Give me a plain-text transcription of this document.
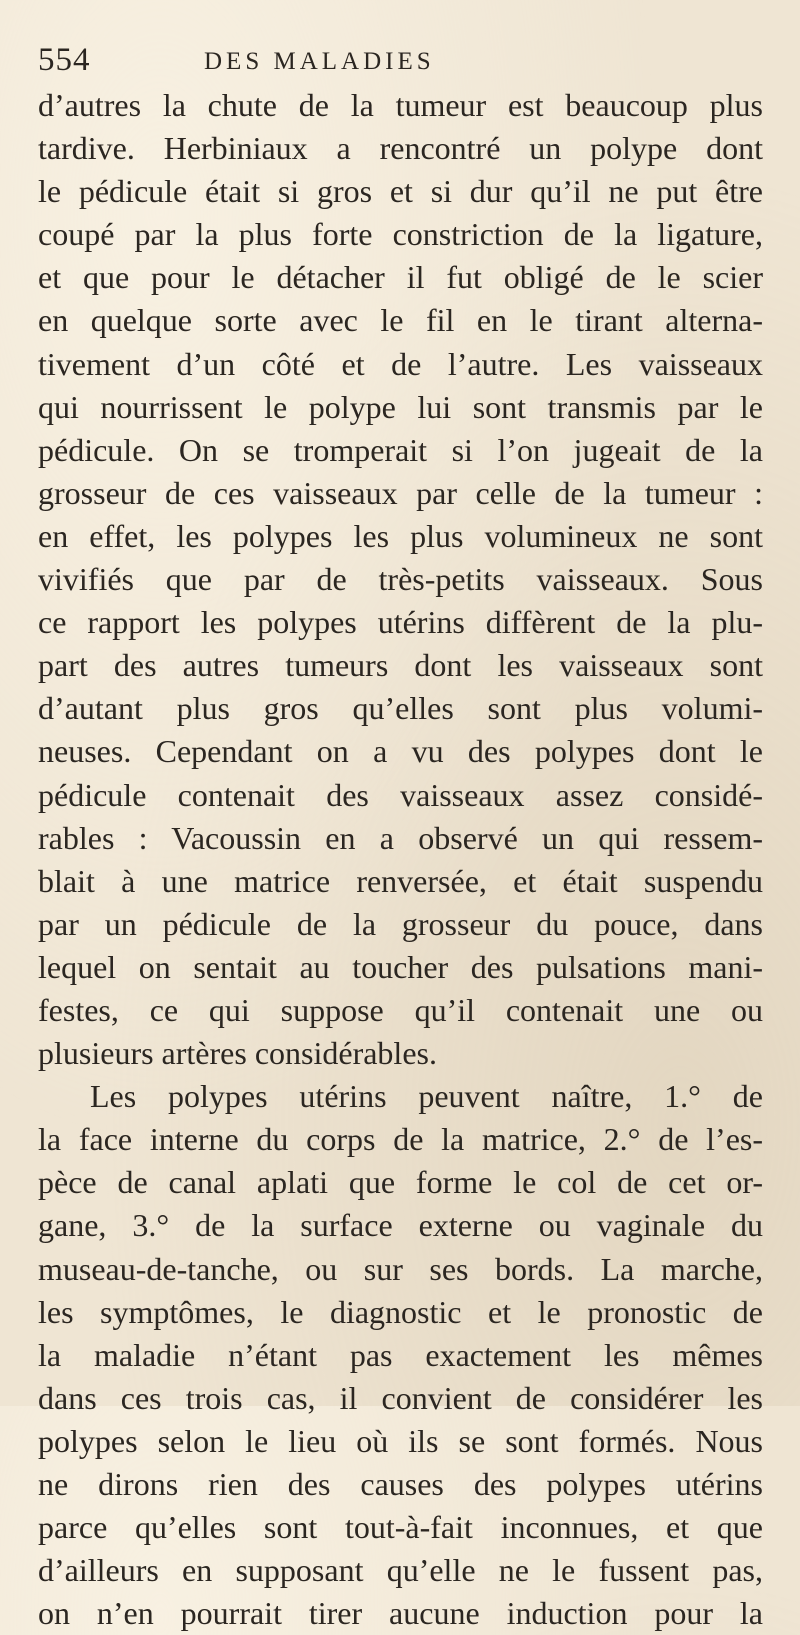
554	DES MALADIES
d’autres la chute de la tumeur est beaucoup plus
tardive. Herbiniaux a rencontré un polype dont
le pédicule était si gros et si dur qu’il ne put être
coupé par la plus forte constriction de la ligature,
et que pour le détacher il fut obligé de le scier
en quelque sorte avec le fil en le tirant alterna-
tivement d’un côté et de l’autre. Les vaisseaux
qui nourrissent le polype lui sont transmis par le
pédicule. On se tromperait si l’on jugeait de la
grosseur de ces vaisseaux par celle de la tumeur :
en effet, les polypes les plus volumineux ne sont
vivifiés que par de très-petits vaisseaux. Sous
ce rapport les polypes utérins diffèrent de la plu-
part des autres tumeurs dont les vaisseaux sont
d’autant plus gros qu’elles sont plus volumi-
neuses. Cependant on a vu des polypes dont le
pédicule contenait des vaisseaux assez considé-
rables : Vacoussin en a observé un qui ressem-
blait à une matrice renversée, et était suspendu
par un pédicule de la grosseur du pouce, dans
lequel on sentait au toucher des pulsations mani-
festes, ce qui suppose qu’il contenait une ou
plusieurs artères considérables.
Les polypes utérins peuvent naître, 1.° de
la face interne du corps de la matrice, 2.° de l’es-
pèce de canal aplati que forme le col de cet or-
gane, 3.° de la surface externe ou vaginale du
museau-de-tanche, ou sur ses bords. La marche,
les symptômes, le diagnostic et le pronostic de
la maladie n’étant pas exactement les mêmes
dans ces trois cas, il convient de considérer les
polypes selon le lieu où ils se sont formés. Nous
ne dirons rien des causes des polypes utérins
parce qu’elles sont tout-à-fait inconnues, et que
d’ailleurs en supposant qu’elle ne le fussent pas,
on n’en pourrait tirer aucune induction pour la
